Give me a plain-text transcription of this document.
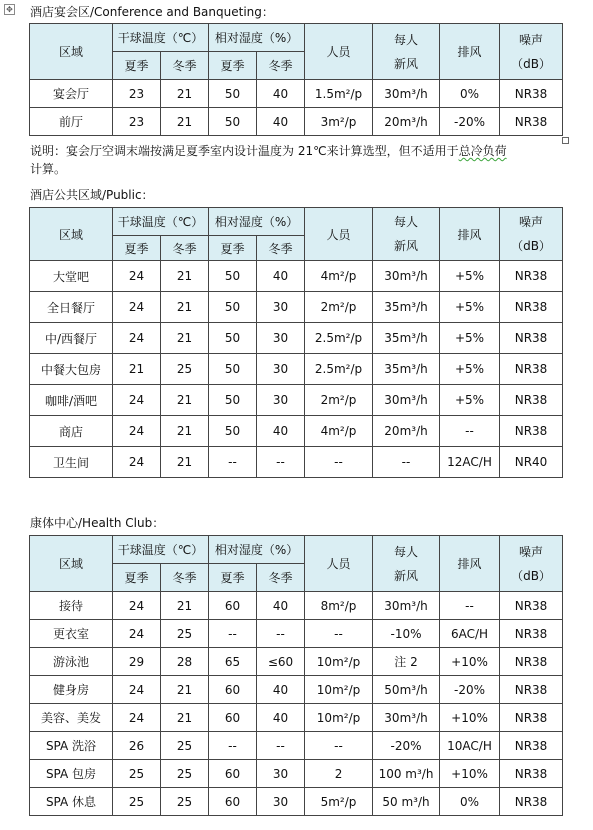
✥ 酒店宴会区/Conference and Banqueting：
酒店公共区域/Public：
康体中心/Health Club：
说明：宴会厅空调末端按满足夏季室内设计温度为 21℃来计算选型，但不适用于总冷负荷
计算。
区域	干球温度（℃）		相对湿度（%）		人员	每人
新风	排风	噪声
（dB）
	夏季	冬季	夏季	冬季				
宴会厅	23	21	50	40	1.5m²/p	30m³/h	0%	NR38
前厅	23	21	50	40	3m²/p	20m³/h	-20%	NR38
区域	干球温度（℃）		相对湿度（%）		人员	每人
新风	排风	噪声
（dB）
	夏季	冬季	夏季	冬季				
大堂吧	24	21	50	40	4m²/p	30m³/h	+5%	NR38
全日餐厅	24	21	50	30	2m²/p	35m³/h	+5%	NR38
中/西餐厅	24	21	50	30	2.5m²/p	35m³/h	+5%	NR38
中餐大包房	21	25	50	30	2.5m²/p	35m³/h	+5%	NR38
咖啡/酒吧	24	21	50	30	2m²/p	30m³/h	+5%	NR38
商店	24	21	50	40	4m²/p	20m³/h	--	NR38
卫生间	24	21	--	--	--	--	12AC/H	NR40
区域	干球温度（℃）		相对湿度（%）		人员	每人
新风	排风	噪声
（dB）
	夏季	冬季	夏季	冬季				
接待	24	21	60	40	8m²/p	30m³/h	--	NR38
更衣室	24	25	--	--	--	-10%	6AC/H	NR38
游泳池	29	28	65	≤60	10m²/p	注 2	+10%	NR38
健身房	24	21	60	40	10m²/p	50m³/h	-20%	NR38
美容、美发	24	21	60	40	10m²/p	30m³/h	+10%	NR38
SPA 洗浴	26	25	--	--	--	-20%	10AC/H	NR38
SPA 包房	25	25	60	30	2	100 m³/h	+10%	NR38
SPA 休息	25	25	60	30	5m²/p	50 m³/h	0%	NR38
